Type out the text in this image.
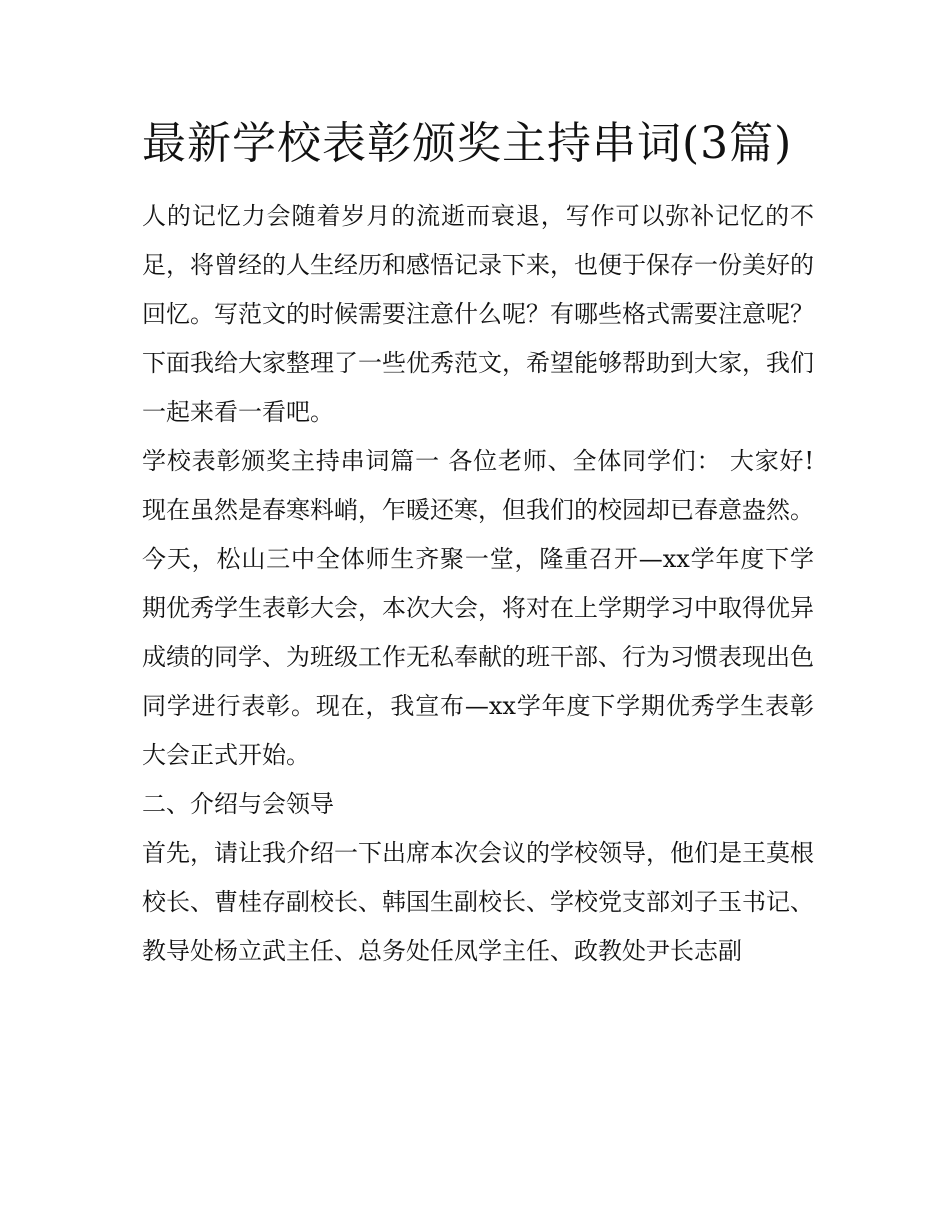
最新学校表彰颁奖主持串词(3篇)

人的记忆力会随着岁月的流逝而衰退，写作可以弥补记忆的不足，将曾经的人生经历和感悟记录下来，也便于保存一份美好的回忆。写范文的时候需要注意什么呢？有哪些格式需要注意呢？下面我给大家整理了一些优秀范文，希望能够帮助到大家，我们一起来看一看吧。

学校表彰颁奖主持串词篇一 各位老师、全体同学们： 大家好!现在虽然是春寒料峭，乍暖还寒，但我们的校园却已春意盎然。今天，松山三中全体师生齐聚一堂，隆重召开—xx学年度下学期优秀学生表彰大会，本次大会，将对在上学期学习中取得优异成绩的同学、为班级工作无私奉献的班干部、行为习惯表现出色同学进行表彰。现在，我宣布—xx学年度下学期优秀学生表彰大会正式开始。

二、介绍与会领导

首先，请让我介绍一下出席本次会议的学校领导，他们是王莫根校长、曹桂存副校长、韩国生副校长、学校党支部刘子玉书记、教导处杨立武主任、总务处任凤学主任、政教处尹长志副
